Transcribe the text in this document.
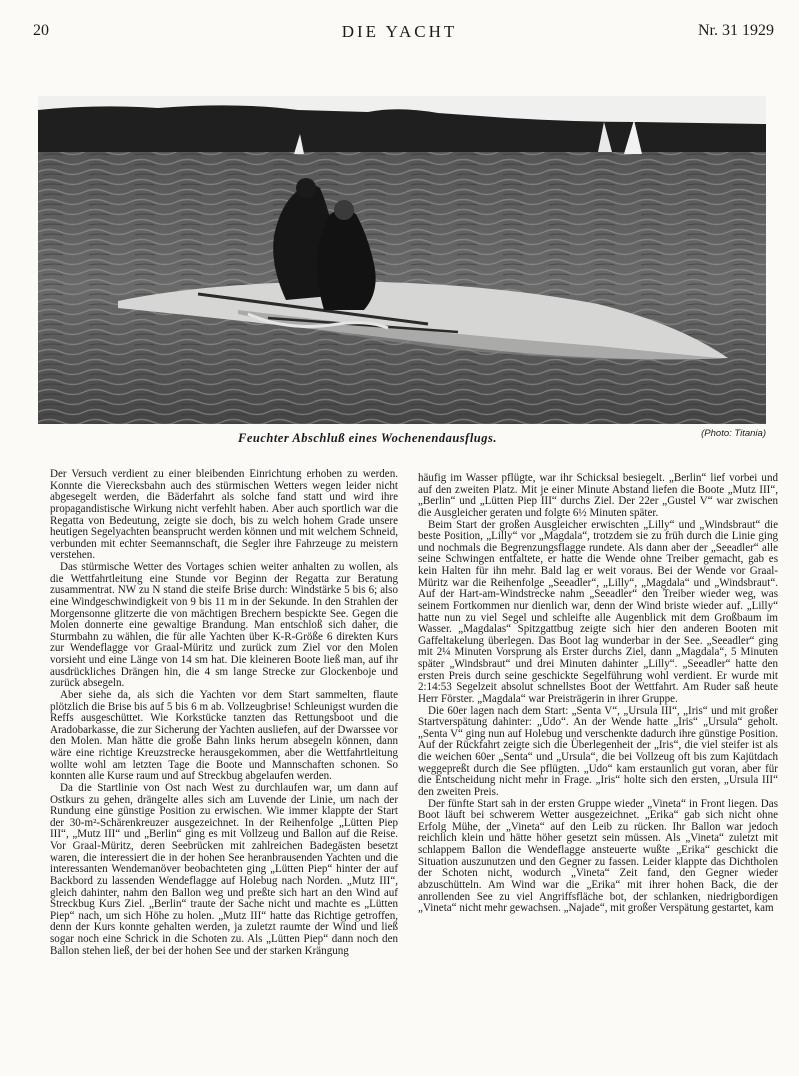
20	DIE YACHT	Nr. 31 1929
Feuchter Abschluß eines Wochenendausflugs.	(Photo: Titania)

Der Versuch verdient zu einer bleibenden Einrichtung erhoben zu werden. Konnte die Vierecksbahn auch des stürmischen Wetters wegen leider nicht abgesegelt werden, die Bäderfahrt als solche fand statt und wird ihre propagandistische Wirkung nicht verfehlt haben. Aber auch sportlich war die Regatta von Bedeutung, zeigte sie doch, bis zu welch hohem Grade unsere heutigen Segelyachten beansprucht werden können und mit welchem Schneid, verbunden mit echter Seemannschaft, die Segler ihre Fahrzeuge zu meistern verstehen.

Das stürmische Wetter des Vortages schien weiter anhalten zu wollen, als die Wettfahrtleitung eine Stunde vor Beginn der Regatta zur Beratung zusammentrat. NW zu N stand die steife Brise durch: Windstärke 5 bis 6; also eine Windgeschwindigkeit von 9 bis 11 m in der Sekunde. In den Strahlen der Morgensonne glitzerte die von mächtigen Brechern bespickte See. Gegen die Molen donnerte eine gewaltige Brandung. Man entschloß sich daher, die Sturmbahn zu wählen, die für alle Yachten über K-R-Größe 6 direkten Kurs zur Wendeflagge vor Graal-Müritz und zurück zum Ziel vor den Molen vorsieht und eine Länge von 14 sm hat. Die kleineren Boote ließ man, auf ihr ausdrückliches Drängen hin, die 4 sm lange Strecke zur Glockenboje und zurück absegeln.

Aber siehe da, als sich die Yachten vor dem Start sammelten, flaute plötzlich die Brise bis auf 5 bis 6 m ab. Vollzeugbrise! Schleunigst wurden die Reffs ausgeschüttet. Wie Korkstücke tanzten das Rettungsboot und die Aradobarkasse, die zur Sicherung der Yachten ausliefen, auf der Dwarssee vor den Molen. Man hätte die große Bahn links herum absegeln können, dann wäre eine richtige Kreuzstrecke herausgekommen, aber die Wettfahrtleitung wollte wohl am letzten Tage die Boote und Mannschaften schonen. So konnten alle Kurse raum und auf Streckbug abgelaufen werden.

Da die Startlinie von Ost nach West zu durchlaufen war, um dann auf Ostkurs zu gehen, drängelte alles sich am Luvende der Linie, um nach der Rundung eine günstige Position zu erwischen. Wie immer klappte der Start der 30-m²-Schärenkreuzer ausgezeichnet. In der Reihenfolge „Lütten Piep III“, „Mutz III“ und „Berlin“ ging es mit Vollzeug und Ballon auf die Reise. Vor Graal-Müritz, deren Seebrücken mit zahlreichen Badegästen besetzt waren, die interessiert die in der hohen See heranbrausenden Yachten und die interessanten Wendemanöver beobachteten ging „Lütten Piep“ hinter der auf Backbord zu lassenden Wendeflagge auf Holebug nach Norden. „Mutz III“, gleich dahinter, nahm den Ballon weg und preßte sich hart an den Wind auf Streckbug Kurs Ziel. „Berlin“ traute der Sache nicht und machte es „Lütten Piep“ nach, um sich Höhe zu holen. „Mutz III“ hatte das Richtige getroffen, denn der Kurs konnte gehalten werden, ja zuletzt raumte der Wind und ließ sogar noch eine Schrick in die Schoten zu. Als „Lütten Piep“ dann noch den Ballon stehen ließ, der bei der hohen See und der starken Krängung

häufig im Wasser pflügte, war ihr Schicksal besiegelt. „Berlin“ lief vorbei und auf den zweiten Platz. Mit je einer Minute Abstand liefen die Boote „Mutz III“, „Berlin“ und „Lütten Piep III“ durchs Ziel. Der 22er „Gustel V“ war zwischen die Ausgleicher geraten und folgte 6½ Minuten später.

Beim Start der großen Ausgleicher erwischten „Lilly“ und „Windsbraut“ die beste Position, „Lilly“ vor „Magdala“, trotzdem sie zu früh durch die Linie ging und nochmals die Begrenzungsflagge rundete. Als dann aber der „Seeadler“ alle seine Schwingen entfaltete, er hatte die Wende ohne Treiber gemacht, gab es kein Halten für ihn mehr. Bald lag er weit voraus. Bei der Wende vor Graal-Müritz war die Reihenfolge „Seeadler“, „Lilly“, „Magdala“ und „Windsbraut“. Auf der Hart-am-Windstrecke nahm „Seeadler“ den Treiber wieder weg, was seinem Fortkommen nur dienlich war, denn der Wind briste wieder auf. „Lilly“ hatte nun zu viel Segel und schleifte alle Augenblick mit dem Großbaum im Wasser. „Magdalas“ Spitzgattbug zeigte sich hier den anderen Booten mit Gaffeltakelung überlegen. Das Boot lag wunderbar in der See. „Seeadler“ ging mit 2¼ Minuten Vorsprung als Erster durchs Ziel, dann „Magdala“, 5 Minuten später „Windsbraut“ und drei Minuten dahinter „Lilly“. „Seeadler“ hatte den ersten Preis durch seine geschickte Segelführung wohl verdient. Er wurde mit 2:14:53 Segelzeit absolut schnellstes Boot der Wettfahrt. Am Ruder saß heute Herr Förster. „Magdala“ war Preisträgerin in ihrer Gruppe.

Die 60er lagen nach dem Start: „Senta V“, „Ursula III“, „Iris“ und mit großer Startverspätung dahinter: „Udo“. An der Wende hatte „Iris“ „Ursula“ geholt. „Senta V“ ging nun auf Holebug und verschenkte dadurch ihre günstige Position. Auf der Rückfahrt zeigte sich die Überlegenheit der „Iris“, die viel steifer ist als die weichen 60er „Senta“ und „Ursula“, die bei Vollzeug oft bis zum Kajütdach weggepreßt durch die See pflügten. „Udo“ kam erstaunlich gut voran, aber für die Entscheidung nicht mehr in Frage. „Iris“ holte sich den ersten, „Ursula III“ den zweiten Preis.

Der fünfte Start sah in der ersten Gruppe wieder „Vineta“ in Front liegen. Das Boot läuft bei schwerem Wetter ausgezeichnet. „Erika“ gab sich nicht ohne Erfolg Mühe, der „Vineta“ auf den Leib zu rücken. Ihr Ballon war jedoch reichlich klein und hätte höher gesetzt sein müssen. Als „Vineta“ zuletzt mit schlappem Ballon die Wendeflagge ansteuerte wußte „Erika“ geschickt die Situation auszunutzen und den Gegner zu fassen. Leider klappte das Dichtholen der Schoten nicht, wodurch „Vineta“ Zeit fand, den Gegner wieder abzuschütteln. Am Wind war die „Erika“ mit ihrer hohen Back, die der anrollenden See zu viel Angriffsfläche bot, der schlanken, niedrigbordigen „Vineta“ nicht mehr gewachsen. „Najade“, mit großer Verspätung gestartet, kam
